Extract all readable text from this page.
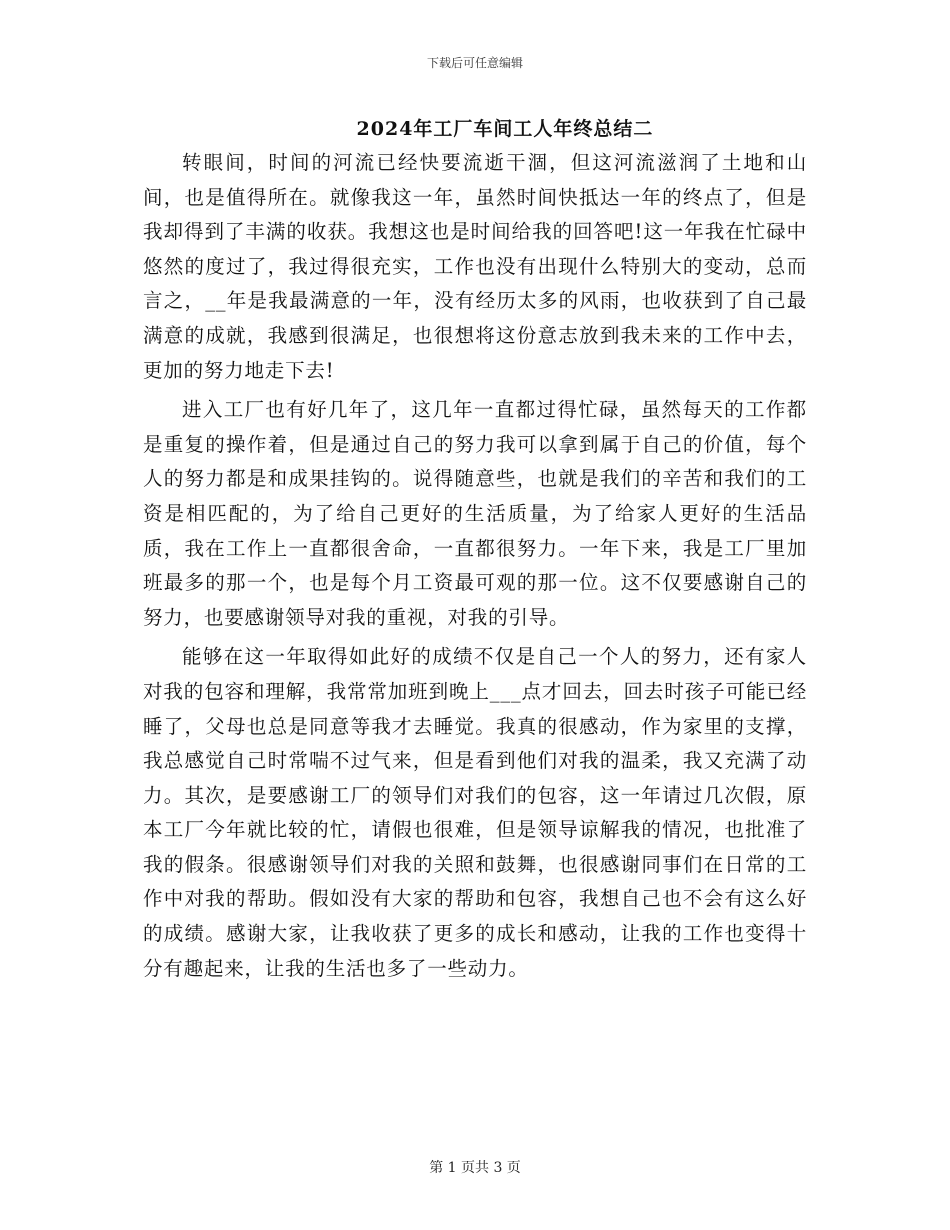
下载后可任意编辑
2024年工厂车间工人年终总结二

转眼间，时间的河流已经快要流逝干涸，但这河流滋润了土地和山间，也是值得所在。就像我这一年，虽然时间快抵达一年的终点了，但是我却得到了丰满的收获。我想这也是时间给我的回答吧!这一年我在忙碌中悠然的度过了，我过得很充实，工作也没有出现什么特别大的变动，总而言之，__年是我最满意的一年，没有经历太多的风雨，也收获到了自己最满意的成就，我感到很满足，也很想将这份意志放到我未来的工作中去，更加的努力地走下去!

进入工厂也有好几年了，这几年一直都过得忙碌，虽然每天的工作都是重复的操作着，但是通过自己的努力我可以拿到属于自己的价值，每个人的努力都是和成果挂钩的。说得随意些，也就是我们的辛苦和我们的工资是相匹配的，为了给自己更好的生活质量，为了给家人更好的生活品质，我在工作上一直都很舍命，一直都很努力。一年下来，我是工厂里加班最多的那一个，也是每个月工资最可观的那一位。这不仅要感谢自己的努力，也要感谢领导对我的重视，对我的引导。

能够在这一年取得如此好的成绩不仅是自己一个人的努力，还有家人对我的包容和理解，我常常加班到晚上___点才回去，回去时孩子可能已经睡了，父母也总是同意等我才去睡觉。我真的很感动，作为家里的支撑，我总感觉自己时常喘不过气来，但是看到他们对我的温柔，我又充满了动力。其次，是要感谢工厂的领导们对我们的包容，这一年请过几次假，原本工厂今年就比较的忙，请假也很难，但是领导谅解我的情况，也批准了我的假条。很感谢领导们对我的关照和鼓舞，也很感谢同事们在日常的工作中对我的帮助。假如没有大家的帮助和包容，我想自己也不会有这么好的成绩。感谢大家，让我收获了更多的成长和感动，让我的工作也变得十分有趣起来，让我的生活也多了一些动力。

第 1 页共 3 页
